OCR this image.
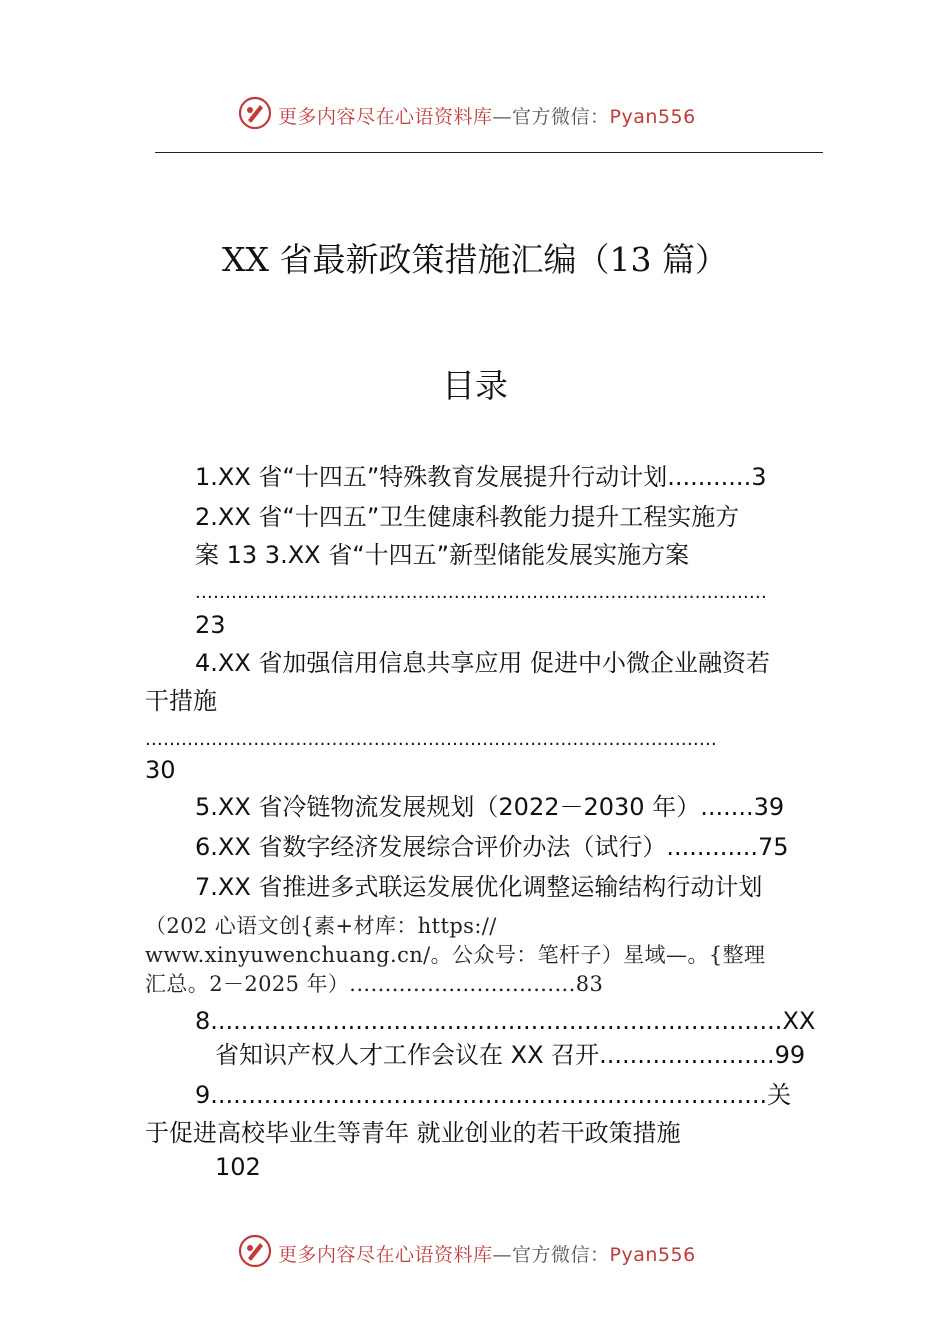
更多内容尽在心语资料库—官方微信：Pyan556
XX 省最新政策措施汇编（13 篇）
目录
1.XX 省“十四五”特殊教育发展提升行动计划...........3
2.XX 省“十四五”卫生健康科教能力提升工程实施方
案 13 3.XX 省“十四五”新型储能发展实施方案
...............................................................................................
23
4.XX 省加强信用信息共享应用 促进中小微企业融资若
干措施
...............................................................................................
30
5.XX 省冷链物流发展规划（2022－2030 年）.......39
6.XX 省数字经济发展综合评价办法（试行）............75
7.XX 省推进多式联运发展优化调整运输结构行动计划
（202 心语文创{素+材库：https://
www.xinyuwenchuang.cn/。公众号：笔杆子）星域—。{整理
汇总。2－2025 年）................................83
8...........................................................................XX
省知识产权人才工作会议在 XX 召开.......................99
9.........................................................................关
于促进高校毕业生等青年 就业创业的若干政策措施
102
更多内容尽在心语资料库—官方微信：Pyan556
